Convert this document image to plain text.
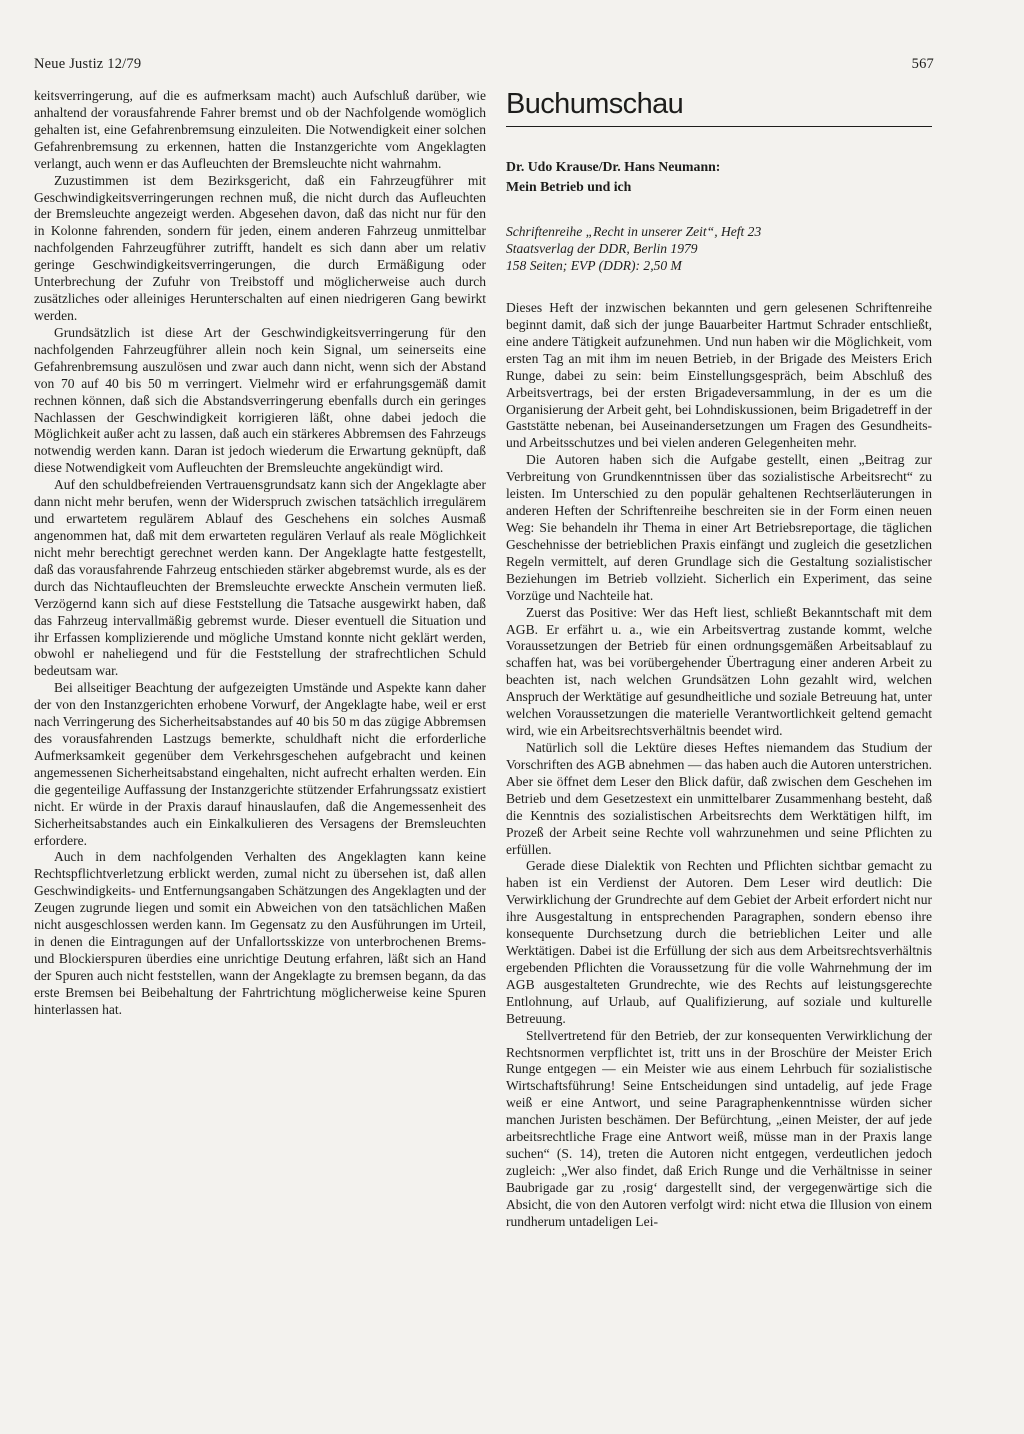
Neue Justiz 12/79	567

keitsverringerung, auf die es aufmerksam macht) auch Aufschluß darüber, wie anhaltend der vorausfahrende Fahrer bremst und ob der Nachfolgende womöglich gehalten ist, eine Gefahrenbremsung einzuleiten. Die Notwendigkeit einer solchen Gefahrenbremsung zu erkennen, hatten die Instanzgerichte vom Angeklagten verlangt, auch wenn er das Aufleuchten der Bremsleuchte nicht wahrnahm.

Zuzustimmen ist dem Bezirksgericht, daß ein Fahrzeugführer mit Geschwindigkeitsverringerungen rechnen muß, die nicht durch das Aufleuchten der Bremsleuchte angezeigt werden. Abgesehen davon, daß das nicht nur für den in Kolonne fahrenden, sondern für jeden, einem anderen Fahrzeug unmittelbar nachfolgenden Fahrzeugführer zutrifft, handelt es sich dann aber um relativ geringe Geschwindigkeitsverringerungen, die durch Ermäßigung oder Unterbrechung der Zufuhr von Treibstoff und möglicherweise auch durch zusätzliches oder alleiniges Herunterschalten auf einen niedrigeren Gang bewirkt werden.

Grundsätzlich ist diese Art der Geschwindigkeitsverringerung für den nachfolgenden Fahrzeugführer allein noch kein Signal, um seinerseits eine Gefahrenbremsung auszulösen und zwar auch dann nicht, wenn sich der Abstand von 70 auf 40 bis 50 m verringert. Vielmehr wird er erfahrungsgemäß damit rechnen können, daß sich die Abstandsverringerung ebenfalls durch ein geringes Nachlassen der Geschwindigkeit korrigieren läßt, ohne dabei jedoch die Möglichkeit außer acht zu lassen, daß auch ein stärkeres Abbremsen des Fahrzeugs notwendig werden kann. Daran ist jedoch wiederum die Erwartung geknüpft, daß diese Notwendigkeit vom Aufleuchten der Bremsleuchte angekündigt wird.

Auf den schuldbefreienden Vertrauensgrundsatz kann sich der Angeklagte aber dann nicht mehr berufen, wenn der Widerspruch zwischen tatsächlich irregulärem und erwartetem regulärem Ablauf des Geschehens ein solches Ausmaß angenommen hat, daß mit dem erwarteten regulären Verlauf als reale Möglichkeit nicht mehr berechtigt gerechnet werden kann. Der Angeklagte hatte festgestellt, daß das vorausfahrende Fahrzeug entschieden stärker abgebremst wurde, als es der durch das Nichtaufleuchten der Bremsleuchte erweckte Anschein vermuten ließ. Verzögernd kann sich auf diese Feststellung die Tatsache ausgewirkt haben, daß das Fahrzeug intervallmäßig gebremst wurde. Dieser eventuell die Situation und ihr Erfassen komplizierende und mögliche Umstand konnte nicht geklärt werden, obwohl er naheliegend und für die Feststellung der strafrechtlichen Schuld bedeutsam war.

Bei allseitiger Beachtung der aufgezeigten Umstände und Aspekte kann daher der von den Instanzgerichten erhobene Vorwurf, der Angeklagte habe, weil er erst nach Verringerung des Sicherheitsabstandes auf 40 bis 50 m das zügige Abbremsen des vorausfahrenden Lastzugs bemerkte, schuldhaft nicht die erforderliche Aufmerksamkeit gegenüber dem Verkehrsgeschehen aufgebracht und keinen angemessenen Sicherheitsabstand eingehalten, nicht aufrecht erhalten werden. Ein die gegenteilige Auffassung der Instanzgerichte stützender Erfahrungssatz existiert nicht. Er würde in der Praxis darauf hinauslaufen, daß die Angemessenheit des Sicherheitsabstandes auch ein Einkalkulieren des Versagens der Bremsleuchten erfordere.

Auch in dem nachfolgenden Verhalten des Angeklagten kann keine Rechtspflichtverletzung erblickt werden, zumal nicht zu übersehen ist, daß allen Geschwindigkeits- und Entfernungsangaben Schätzungen des Angeklagten und der Zeugen zugrunde liegen und somit ein Abweichen von den tatsächlichen Maßen nicht ausgeschlossen werden kann. Im Gegensatz zu den Ausführungen im Urteil, in denen die Eintragungen auf der Unfallortsskizze von unterbrochenen Brems- und Blockierspuren überdies eine unrichtige Deutung erfahren, läßt sich an Hand der Spuren auch nicht feststellen, wann der Angeklagte zu bremsen begann, da das erste Bremsen bei Beibehaltung der Fahrtrichtung möglicherweise keine Spuren hinterlassen hat.

Buchumschau

Dr. Udo Krause/Dr. Hans Neumann:

Mein Betrieb und ich

Schriftenreihe „Recht in unserer Zeit“, Heft 23
Staatsverlag der DDR, Berlin 1979
158 Seiten; EVP (DDR): 2,50 M

Dieses Heft der inzwischen bekannten und gern gelesenen Schriftenreihe beginnt damit, daß sich der junge Bauarbeiter Hartmut Schrader entschließt, eine andere Tätigkeit aufzunehmen. Und nun haben wir die Möglichkeit, vom ersten Tag an mit ihm im neuen Betrieb, in der Brigade des Meisters Erich Runge, dabei zu sein: beim Einstellungsgespräch, beim Abschluß des Arbeitsvertrags, bei der ersten Brigadeversammlung, in der es um die Organisierung der Arbeit geht, bei Lohndiskussionen, beim Brigadetreff in der Gaststätte nebenan, bei Auseinandersetzungen um Fragen des Gesundheits- und Arbeitsschutzes und bei vielen anderen Gelegenheiten mehr.

Die Autoren haben sich die Aufgabe gestellt, einen „Beitrag zur Verbreitung von Grundkenntnissen über das sozialistische Arbeitsrecht“ zu leisten. Im Unterschied zu den populär gehaltenen Rechtserläuterungen in anderen Heften der Schriftenreihe beschreiten sie in der Form einen neuen Weg: Sie behandeln ihr Thema in einer Art Betriebsreportage, die täglichen Geschehnisse der betrieblichen Praxis einfängt und zugleich die gesetzlichen Regeln vermittelt, auf deren Grundlage sich die Gestaltung sozialistischer Beziehungen im Betrieb vollzieht. Sicherlich ein Experiment, das seine Vorzüge und Nachteile hat.

Zuerst das Positive: Wer das Heft liest, schließt Bekanntschaft mit dem AGB. Er erfährt u. a., wie ein Arbeitsvertrag zustande kommt, welche Voraussetzungen der Betrieb für einen ordnungsgemäßen Arbeitsablauf zu schaffen hat, was bei vorübergehender Übertragung einer anderen Arbeit zu beachten ist, nach welchen Grundsätzen Lohn gezahlt wird, welchen Anspruch der Werktätige auf gesundheitliche und soziale Betreuung hat, unter welchen Voraussetzungen die materielle Verantwortlichkeit geltend gemacht wird, wie ein Arbeitsrechtsverhältnis beendet wird.

Natürlich soll die Lektüre dieses Heftes niemandem das Studium der Vorschriften des AGB abnehmen — das haben auch die Autoren unterstrichen. Aber sie öffnet dem Leser den Blick dafür, daß zwischen dem Geschehen im Betrieb und dem Gesetzestext ein unmittelbarer Zusammenhang besteht, daß die Kenntnis des sozialistischen Arbeitsrechts dem Werktätigen hilft, im Prozeß der Arbeit seine Rechte voll wahrzunehmen und seine Pflichten zu erfüllen.

Gerade diese Dialektik von Rechten und Pflichten sichtbar gemacht zu haben ist ein Verdienst der Autoren. Dem Leser wird deutlich: Die Verwirklichung der Grundrechte auf dem Gebiet der Arbeit erfordert nicht nur ihre Ausgestaltung in entsprechenden Paragraphen, sondern ebenso ihre konsequente Durchsetzung durch die betrieblichen Leiter und alle Werktätigen. Dabei ist die Erfüllung der sich aus dem Arbeitsrechtsverhältnis ergebenden Pflichten die Voraussetzung für die volle Wahrnehmung der im AGB ausgestalteten Grundrechte, wie des Rechts auf leistungsgerechte Entlohnung, auf Urlaub, auf Qualifizierung, auf soziale und kulturelle Betreuung.

Stellvertretend für den Betrieb, der zur konsequenten Verwirklichung der Rechtsnormen verpflichtet ist, tritt uns in der Broschüre der Meister Erich Runge entgegen — ein Meister wie aus einem Lehrbuch für sozialistische Wirtschaftsführung! Seine Entscheidungen sind untadelig, auf jede Frage weiß er eine Antwort, und seine Paragraphenkenntnisse würden sicher manchen Juristen beschämen. Der Befürchtung, „einen Meister, der auf jede arbeitsrechtliche Frage eine Antwort weiß, müsse man in der Praxis lange suchen“ (S. 14), treten die Autoren nicht entgegen, verdeutlichen jedoch zugleich: „Wer also findet, daß Erich Runge und die Verhältnisse in seiner Baubrigade gar zu ‚rosig‘ dargestellt sind, der vergegenwärtige sich die Absicht, die von den Autoren verfolgt wird: nicht etwa die Illusion von einem rundherum untadeligen Lei-
